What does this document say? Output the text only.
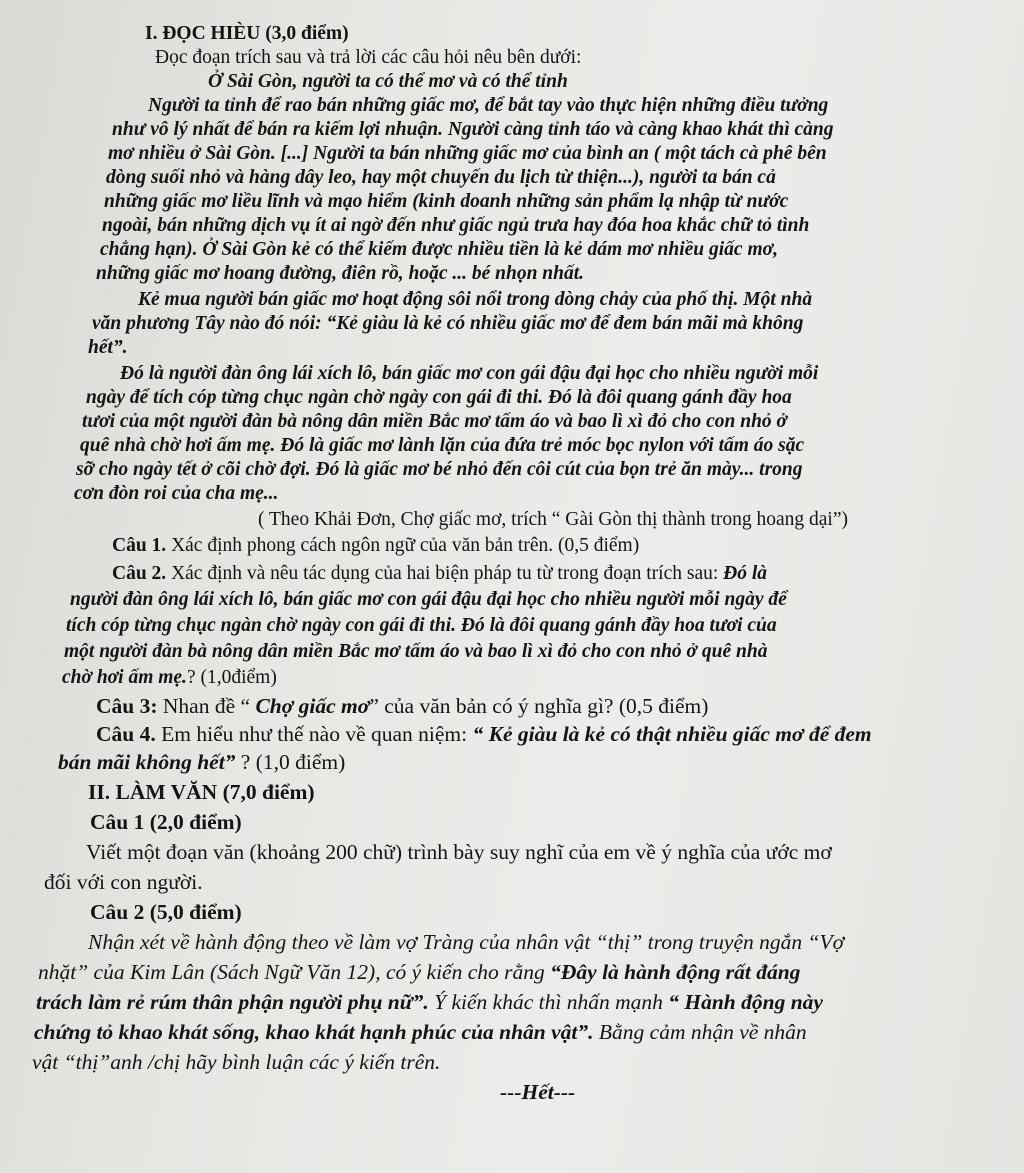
I. ĐỌC HIÈU (3,0 điểm)

Đọc đoạn trích sau và trả lời các câu hỏi nêu bên dưới:

Ở Sài Gòn, người ta có thể mơ và có thể tỉnh

Người ta tỉnh để rao bán những giấc mơ, để bắt tay vào thực hiện những điều tưởng

như vô lý nhất để bán ra kiếm lợi nhuận. Người càng tỉnh táo và càng khao khát thì càng

mơ nhiều ở Sài Gòn. [...] Người ta bán những giấc mơ của bình an ( một tách cà phê bên

dòng suối nhỏ và hàng dây leo, hay một chuyến du lịch từ thiện...), người ta bán cả

những giấc mơ liều lĩnh và mạo hiểm (kinh doanh những sản phẩm lạ nhập từ nước

ngoài, bán những dịch vụ ít ai ngờ đến như giấc ngủ trưa hay đóa hoa khắc chữ tỏ tình

chẳng hạn). Ở Sài Gòn kẻ có thể kiếm được nhiều tiền là kẻ dám mơ nhiều giấc mơ,

những giấc mơ hoang đường, điên rồ, hoặc ... bé nhọn nhất.

Kẻ mua người bán giấc mơ hoạt động sôi nổi trong dòng chảy của phố thị. Một nhà

văn phương Tây nào đó nói: “Kẻ giàu là kẻ có nhiều giấc mơ để đem bán mãi mà không

hết”.

Đó là người đàn ông lái xích lô, bán giấc mơ con gái đậu đại học cho nhiều người mỗi

ngày để tích cóp từng chục ngàn chờ ngày con gái đi thi. Đó là đôi quang gánh đầy hoa

tươi của một người đàn bà nông dân miền Bắc mơ tấm áo và bao lì xì đỏ cho con nhỏ ở

quê nhà chờ hơi ấm mẹ. Đó là giấc mơ lành lặn của đứa trẻ móc bọc nylon với tấm áo sặc

sỡ cho ngày tết ở cõi chờ đợi. Đó là giấc mơ bé nhỏ đến côi cút của bọn trẻ ăn mày... trong

cơn đòn roi của cha mẹ...

( Theo Khải Đơn, Chợ giấc mơ, trích “ Gài Gòn thị thành trong hoang dại”)

Câu 1. Xác định phong cách ngôn ngữ của văn bản trên. (0,5 điểm)

Câu 2. Xác định và nêu tác dụng của hai biện pháp tu từ trong đoạn trích sau: Đó là

người đàn ông lái xích lô, bán giấc mơ con gái đậu đại học cho nhiều người mỗi ngày để

tích cóp từng chục ngàn chờ ngày con gái đi thi. Đó là đôi quang gánh đầy hoa tươi của

một người đàn bà nông dân miền Bắc mơ tấm áo và bao lì xì đỏ cho con nhỏ ở quê nhà

chờ hơi ấm mẹ.? (1,0điểm)

Câu 3: Nhan đề “ Chợ giấc mơ” của văn bản có ý nghĩa gì? (0,5 điểm)

Câu 4. Em hiểu như thế nào về quan niệm: “ Kẻ giàu là kẻ có thật nhiều giấc mơ để đem

bán mãi không hết” ? (1,0 điểm)

II. LÀM VĂN (7,0 điểm)

Câu 1 (2,0 điểm)

Viết một đoạn văn (khoảng 200 chữ) trình bày suy nghĩ của em về ý nghĩa của ước mơ

đối với con người.

Câu 2 (5,0 điểm)

Nhận xét về hành động theo về làm vợ Tràng của nhân vật “thị” trong truyện ngắn “Vợ

nhặt” của Kim Lân (Sách Ngữ Văn 12), có ý kiến cho rằng “Đây là hành động rất đáng

trách làm rẻ rúm thân phận người phụ nữ”. Ý kiến khác thì nhấn mạnh “ Hành động này

chứng tỏ khao khát sống, khao khát hạnh phúc của nhân vật”. Bằng cảm nhận về nhân

vật “thị”anh /chị hãy bình luận các ý kiến trên.

---Hết---
